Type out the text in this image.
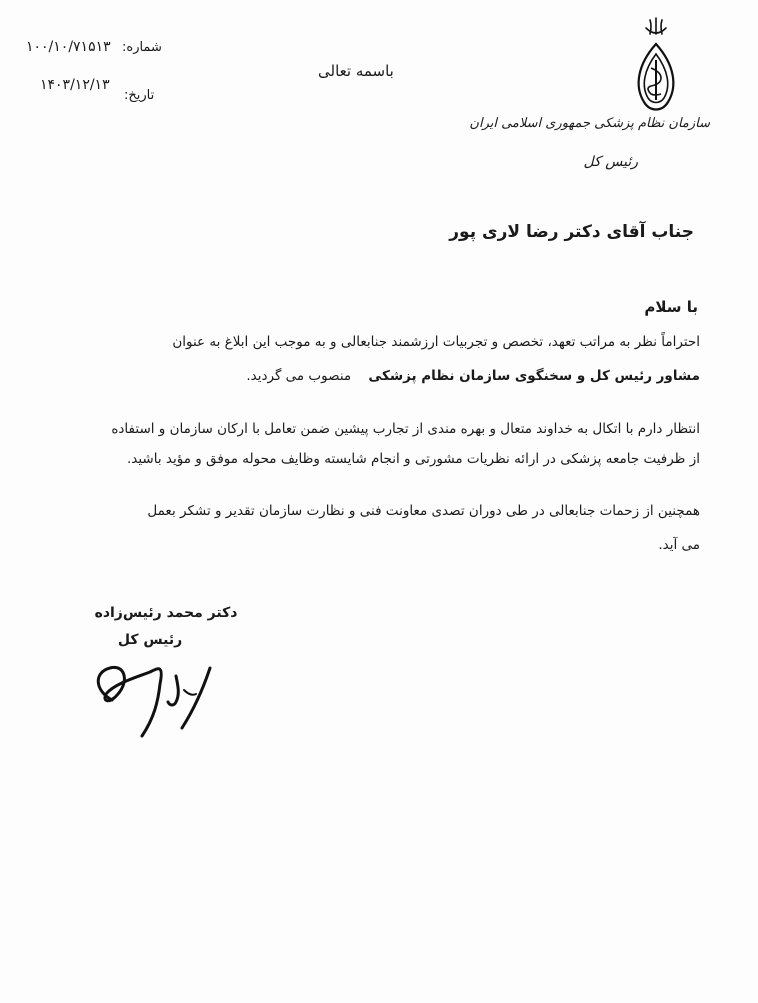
سازمان نظام پزشکی جمهوری اسلامی ایران
رئیس کل
باسمه تعالی
شماره:
۱۰۰/۱۰/۷۱۵۱۳
تاریخ:
۱۴۰۳/۱۲/۱۳
جناب آقای دکتر رضا لاری پور
با سلام
احتراماً نظر به مراتب تعهد، تخصص و تجربیات ارزشمند جنابعالی و به موجب این ابلاغ به عنوان
مشاور رئیس کل و سخنگوی سازمان نظام پزشکی    منصوب می گردید.
انتظار دارم با اتکال به خداوند متعال و بهره مندی از تجارب پیشین ضمن تعامل با ارکان سازمان و استفاده
از ظرفیت جامعه پزشکی در ارائه نظریات مشورتی و انجام شایسته وظایف محوله موفق و مؤید باشید.
همچنین از زحمات جنابعالی در طی دوران تصدی معاونت فنی و نظارت سازمان تقدیر و تشکر بعمل
می آید.
دکتر محمد رئیس‌زاده
رئیس کل
